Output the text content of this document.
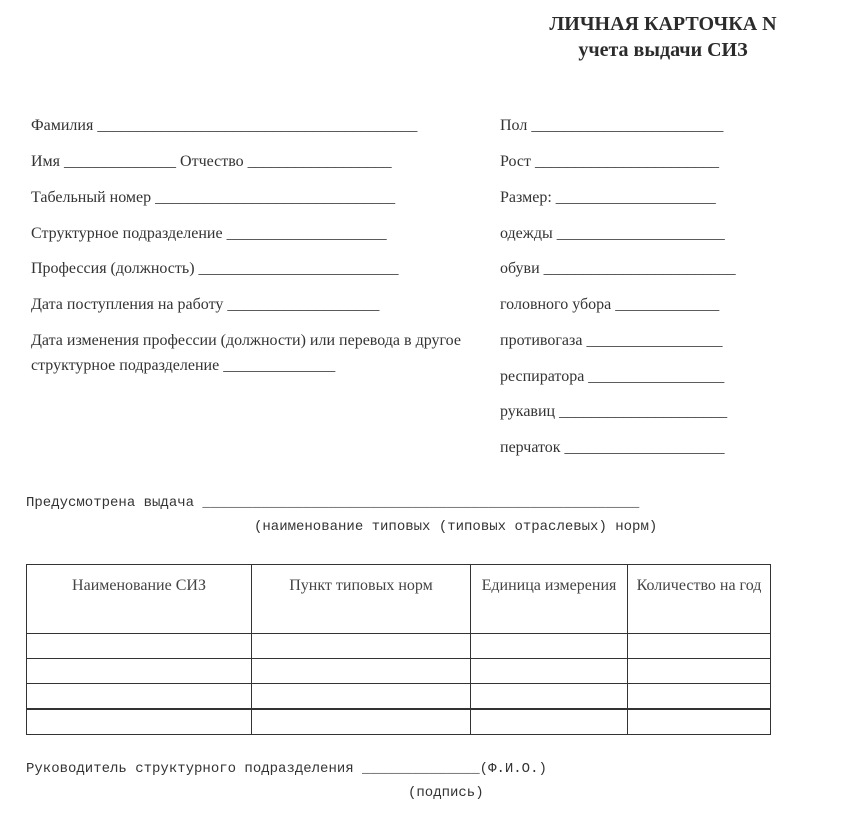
ЛИЧНАЯ КАРТОЧКА N
учета выдачи СИЗ
Фамилия ________________________________________
Имя ______________ Отчество __________________
Табельный номер ______________________________
Структурное подразделение ____________________
Профессия (должность) _________________________
Дата поступления на работу ___________________
Дата изменения профессии (должности) или перевода в другое структурное подразделение ______________
Пол ________________________
Рост _______________________
Размер: ____________________
одежды _____________________
обуви ________________________
головного убора _____________
противогаза _________________
респиратора _________________
рукавиц _____________________
перчаток ____________________
Предусмотрена выдача ____________________________________________________
(наименование типовых (типовых отраслевых) норм)
Наименование СИЗ	Пункт типовых норм	Единица измерения	Количество на год

Руководитель структурного подразделения ______________(Ф.И.О.)
(подпись)
